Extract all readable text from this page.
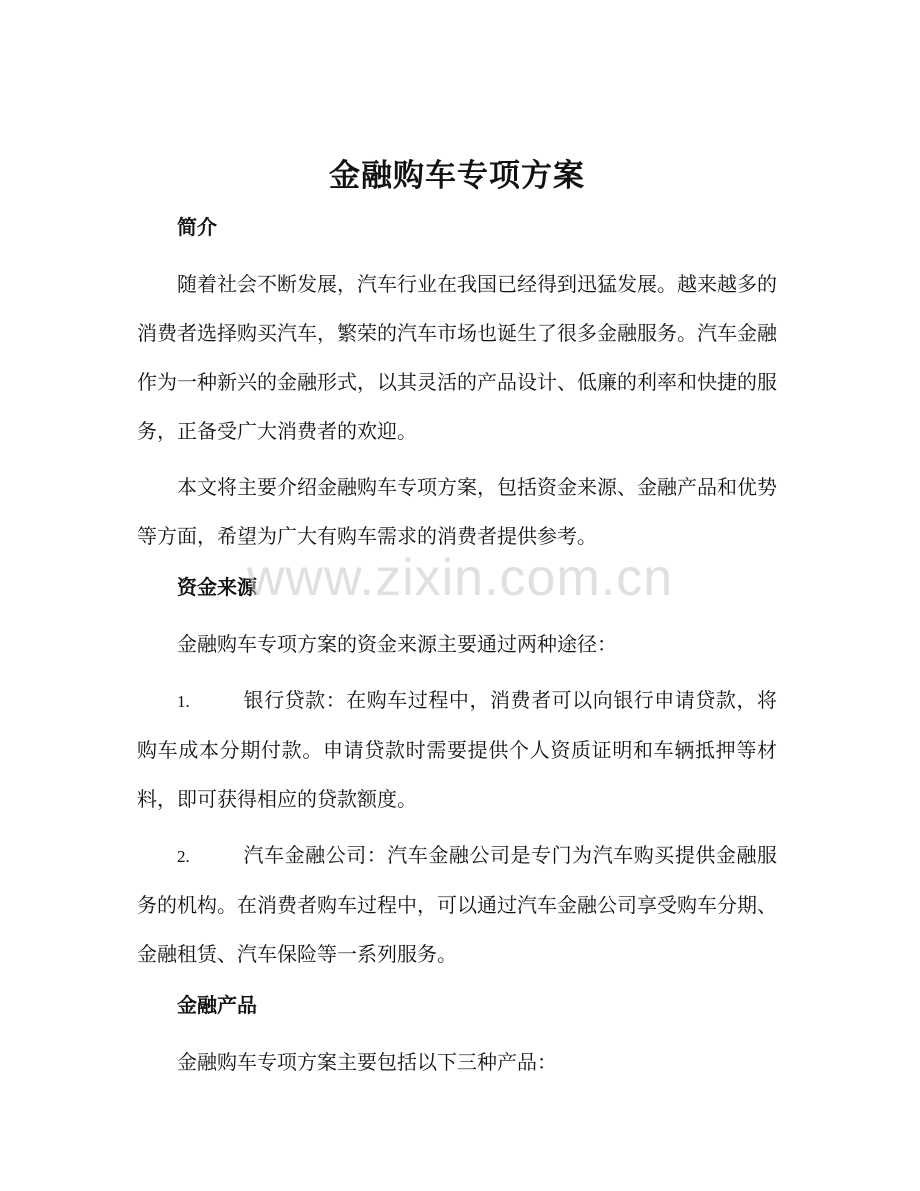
金融购车专项方案
简介

随着社会不断发展，汽车行业在我国已经得到迅猛发展。越来越多的消费者选择购买汽车，繁荣的汽车市场也诞生了很多金融服务。汽车金融作为一种新兴的金融形式，以其灵活的产品设计、低廉的利率和快捷的服务，正备受广大消费者的欢迎。

本文将主要介绍金融购车专项方案，包括资金来源、金融产品和优势等方面，希望为广大有购车需求的消费者提供参考。

资金来源

金融购车专项方案的资金来源主要通过两种途径：

1.	银行贷款：在购车过程中，消费者可以向银行申请贷款，将购车成本分期付款。申请贷款时需要提供个人资质证明和车辆抵押等材料，即可获得相应的贷款额度。

2.	汽车金融公司：汽车金融公司是专门为汽车购买提供金融服务的机构。在消费者购车过程中，可以通过汽车金融公司享受购车分期、金融租赁、汽车保险等一系列服务。

金融产品

金融购车专项方案主要包括以下三种产品：

www.zixin.com.cn
